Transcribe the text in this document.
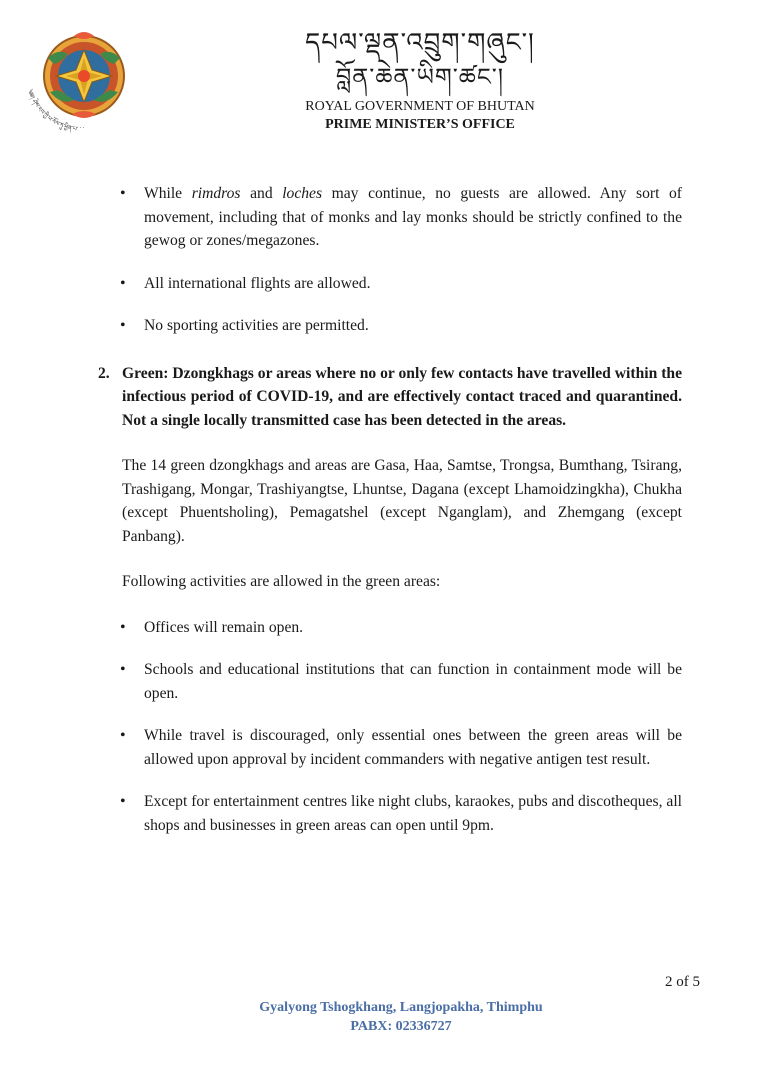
༄༅། ཤེས་རབ་ཀྱི་ཕ་རོལ་ཏུ་ཕྱིན་པ་ ་ ་
དཔལ་ལྡན་འབྲུག་གཞུང་།
བློན་ཆེན་ཡིག་ཚང་།
ROYAL GOVERNMENT OF BHUTAN
PRIME MINISTER’S OFFICE
• While rimdros and loches may continue, no guests are allowed. Any sort of movement, including that of monks and lay monks should be strictly confined to the gewog or zones/megazones.
• All international flights are allowed.
• No sporting activities are permitted.
2. Green: Dzongkhags or areas where no or only few contacts have travelled within the infectious period of COVID-19, and are effectively contact traced and quarantined. Not a single locally transmitted case has been detected in the areas.

The 14 green dzongkhags and areas are Gasa, Haa, Samtse, Trongsa, Bumthang, Tsirang, Trashigang, Mongar, Trashiyangtse, Lhuntse, Dagana (except Lhamoidzingkha), Chukha (except Phuentsholing), Pemagatshel (except Nganglam), and Zhemgang (except Panbang).

Following activities are allowed in the green areas:

• Offices will remain open.
• Schools and educational institutions that can function in containment mode will be open.
• While travel is discouraged, only essential ones between the green areas will be allowed upon approval by incident commanders with negative antigen test result.
• Except for entertainment centres like night clubs, karaokes, pubs and discotheques, all shops and businesses in green areas can open until 9pm.
2 of 5
Gyalyong Tshogkhang, Langjopakha, Thimphu
PABX: 02336727
